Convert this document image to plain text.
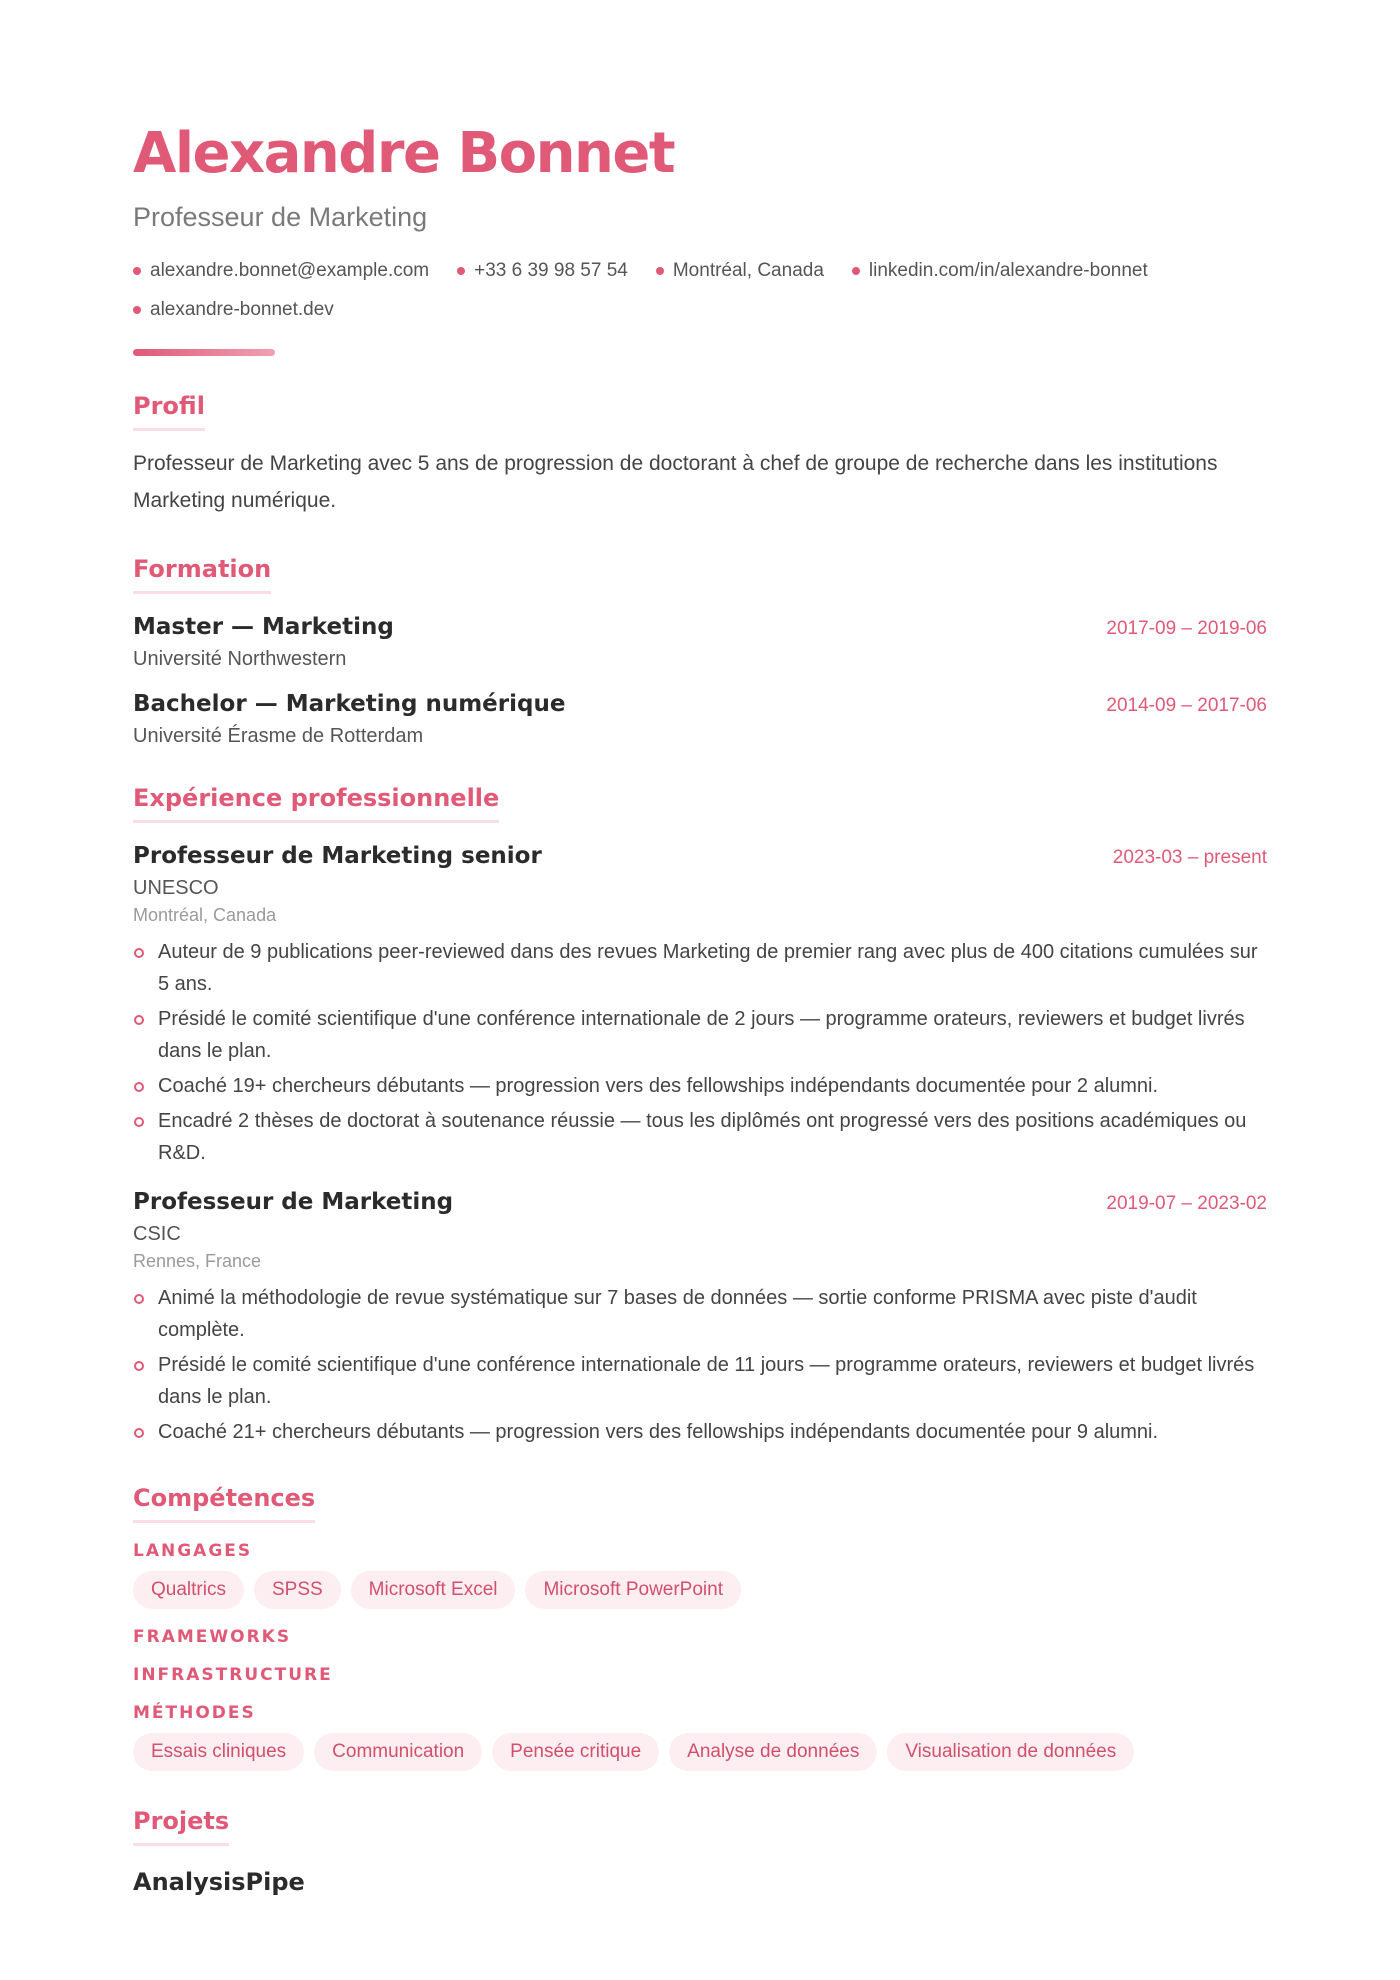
Alexandre Bonnet
Professeur de Marketing
alexandre.bonnet@example.com +33 6 39 98 57 54 Montréal, Canada linkedin.com/in/alexandre-bonnet
alexandre-bonnet.dev
Profil
Professeur de Marketing avec 5 ans de progression de doctorant à chef de groupe de recherche dans les institutions Marketing numérique.
Formation
Master — Marketing	2017-09 – 2019-06
Université Northwestern
Bachelor — Marketing numérique	2014-09 – 2017-06
Université Érasme de Rotterdam
Expérience professionnelle
Professeur de Marketing senior	2023-03 – present
UNESCO
Montréal, Canada
Auteur de 9 publications peer-reviewed dans des revues Marketing de premier rang avec plus de 400 citations cumulées sur 5 ans.
Présidé le comité scientifique d'une conférence internationale de 2 jours — programme orateurs, reviewers et budget livrés dans le plan.
Coaché 19+ chercheurs débutants — progression vers des fellowships indépendants documentée pour 2 alumni.
Encadré 2 thèses de doctorat à soutenance réussie — tous les diplômés ont progressé vers des positions académiques ou R&D.
Professeur de Marketing	2019-07 – 2023-02
CSIC
Rennes, France
Animé la méthodologie de revue systématique sur 7 bases de données — sortie conforme PRISMA avec piste d'audit complète.
Présidé le comité scientifique d'une conférence internationale de 11 jours — programme orateurs, reviewers et budget livrés dans le plan.
Coaché 21+ chercheurs débutants — progression vers des fellowships indépendants documentée pour 9 alumni.
Compétences
LANGAGES
Qualtrics	SPSS	Microsoft Excel	Microsoft PowerPoint
FRAMEWORKS
INFRASTRUCTURE
MÉTHODES
Essais cliniques	Communication	Pensée critique	Analyse de données	Visualisation de données
Projets
AnalysisPipe
